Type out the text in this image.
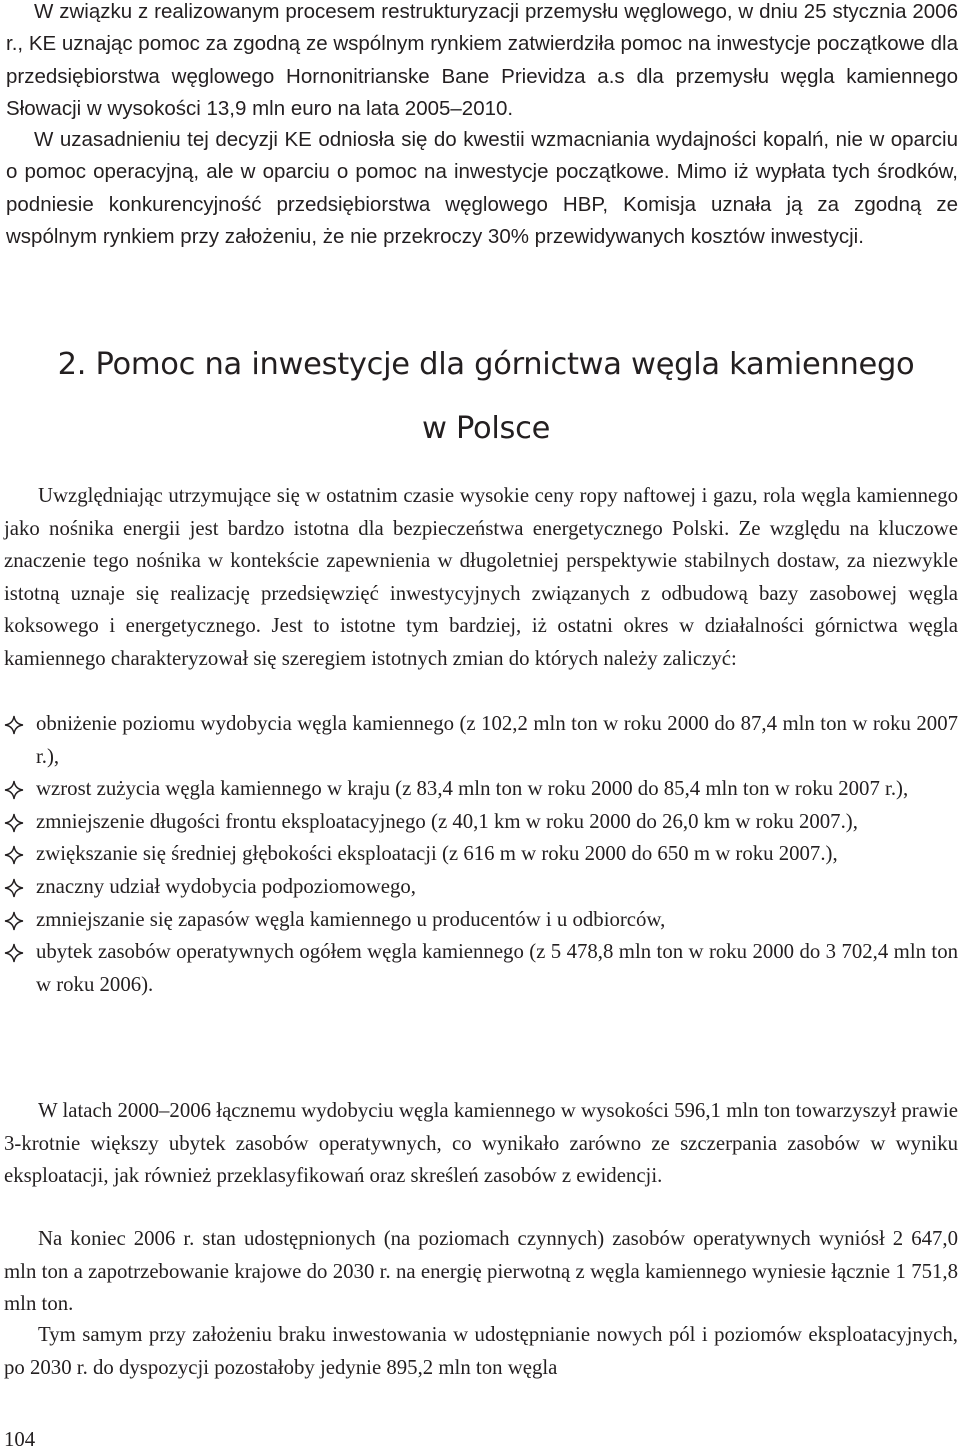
W związku z realizowanym procesem restrukturyzacji przemysłu węglowego, w dniu 25 stycznia 2006 r., KE uznając pomoc za zgodną ze wspólnym rynkiem zatwierdziła pomoc na inwestycje początkowe dla przedsiębiorstwa węglowego Hornonitrianske Bane Prievidza a.s dla przemysłu węgla kamiennego Słowacji w wysokości 13,9 mln euro na lata 2005–2010.

W uzasadnieniu tej decyzji KE odniosła się do kwestii wzmacniania wydajności kopalń, nie w oparciu o pomoc operacyjną, ale w oparciu o pomoc na inwestycje początkowe. Mimo iż wypłata tych środków, podniesie konkurencyjność przedsiębiorstwa węglowego HBP, Komisja uznała ją za zgodną ze wspólnym rynkiem przy założeniu, że nie przekroczy 30% przewidywanych kosztów inwestycji.

2. Pomoc na inwestycje dla górnictwa węgla kamiennego
w Polsce

Uwzględniając utrzymujące się w ostatnim czasie wysokie ceny ropy naftowej i gazu, rola węgla kamiennego jako nośnika energii jest bardzo istotna dla bezpieczeństwa energetycznego Polski. Ze względu na kluczowe znaczenie tego nośnika w kontekście zapewnienia w długoletniej perspektywie stabilnych dostaw, za niezwykle istotną uznaje się realizację przedsięwzięć inwestycyjnych związanych z odbudową bazy zasobowej węgla koksowego i energetycznego. Jest to istotne tym bardziej, iż ostatni okres w działalności górnictwa węgla kamiennego charakteryzował się szeregiem istotnych zmian do których należy zaliczyć:

obniżenie poziomu wydobycia węgla kamiennego (z 102,2 mln ton w roku 2000 do 87,4 mln ton w roku 2007 r.),
wzrost zużycia węgla kamiennego w kraju (z 83,4 mln ton w roku 2000 do 85,4 mln ton w roku 2007 r.),
zmniejszenie długości frontu eksploatacyjnego (z 40,1 km w roku 2000 do 26,0 km w roku 2007.),
zwiększanie się średniej głębokości eksploatacji (z 616 m w roku 2000 do 650 m w roku 2007.),
znaczny udział wydobycia podpoziomowego,
zmniejszanie się zapasów węgla kamiennego u producentów i u odbiorców,
ubytek zasobów operatywnych ogółem węgla kamiennego (z 5 478,8 mln ton w roku 2000 do 3 702,4 mln ton w roku 2006).

W latach 2000–2006 łącznemu wydobyciu węgla kamiennego w wysokości 596,1 mln ton towarzyszył prawie 3-krotnie większy ubytek zasobów operatywnych, co wynikało zarówno ze szczerpania zasobów w wyniku eksploatacji, jak również przeklasyfikowań oraz skreśleń zasobów z ewidencji.

Na koniec 2006 r. stan udostępnionych (na poziomach czynnych) zasobów operatywnych wyniósł 2 647,0 mln ton a zapotrzebowanie krajowe do 2030 r. na energię pierwotną z węgla kamiennego wyniesie łącznie 1 751,8 mln ton.

Tym samym przy założeniu braku inwestowania w udostępnianie nowych pól i poziomów eksploatacyjnych, po 2030 r. do dyspozycji pozostałoby jedynie 895,2 mln ton węgla

104
